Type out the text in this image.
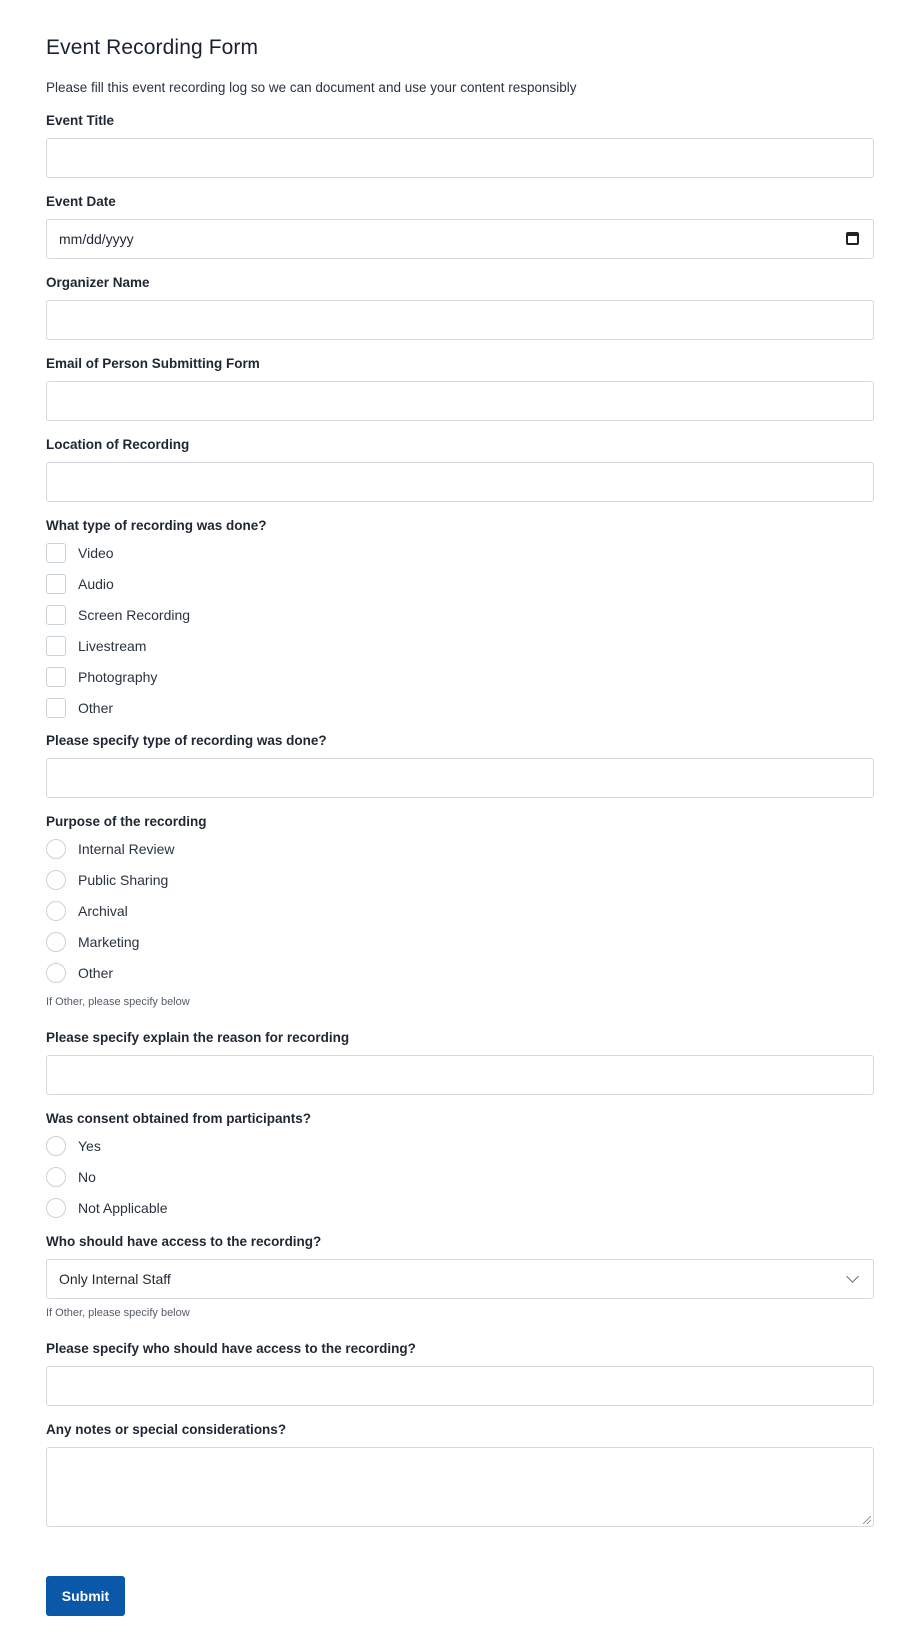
Event Recording Form

Please fill this event recording log so we can document and use your content responsibly

Event Title
Event Date
mm/dd/yyyy
Organizer Name
Email of Person Submitting Form
Location of Recording
What type of recording was done?
Video
Audio
Screen Recording
Livestream
Photography
Other
Please specify type of recording was done?
Purpose of the recording
Internal Review
Public Sharing
Archival
Marketing
Other
If Other, please specify below
Please specify explain the reason for recording
Was consent obtained from participants?
Yes
No
Not Applicable
Who should have access to the recording?
Only Internal Staff
If Other, please specify below
Please specify who should have access to the recording?
Any notes or special considerations?
Submit
